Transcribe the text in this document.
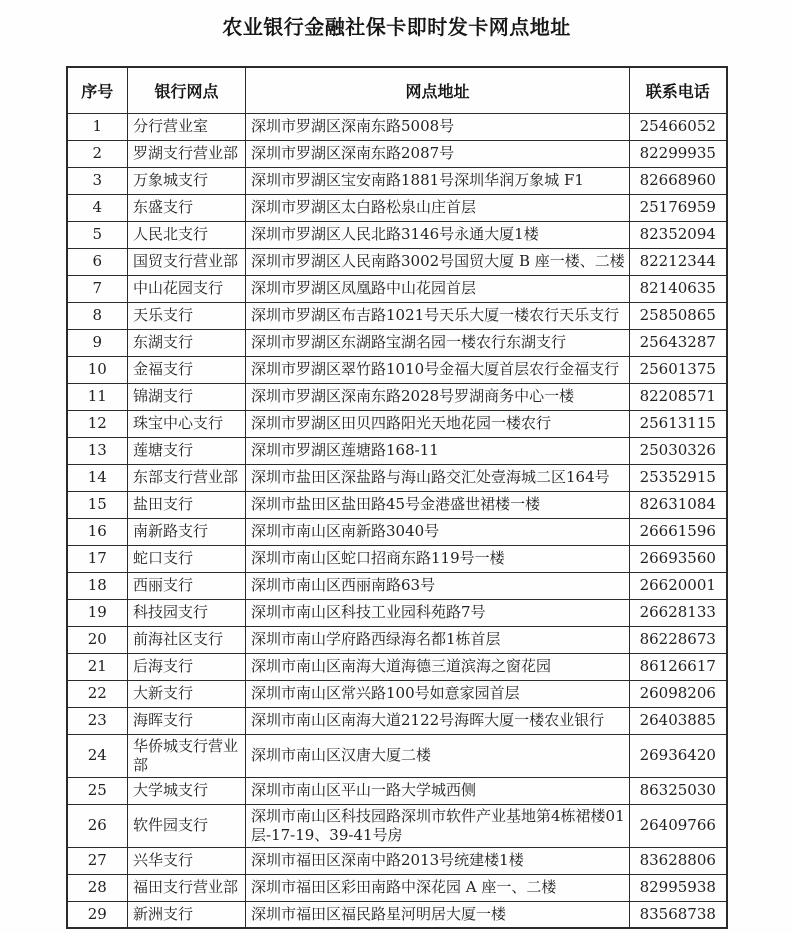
农业银行金融社保卡即时发卡网点地址
序号	银行网点	网点地址	联系电话
1	分行营业室	深圳市罗湖区深南东路5008号	25466052
2	罗湖支行营业部	深圳市罗湖区深南东路2087号	82299935
3	万象城支行	深圳市罗湖区宝安南路1881号深圳华润万象城 F1	82668960
4	东盛支行	深圳市罗湖区太白路松泉山庄首层	25176959
5	人民北支行	深圳市罗湖区人民北路3146号永通大厦1楼	82352094
6	国贸支行营业部	深圳市罗湖区人民南路3002号国贸大厦 B 座一楼、二楼	82212344
7	中山花园支行	深圳市罗湖区凤凰路中山花园首层	82140635
8	天乐支行	深圳市罗湖区布吉路1021号天乐大厦一楼农行天乐支行	25850865
9	东湖支行	深圳市罗湖区东湖路宝湖名园一楼农行东湖支行	25643287
10	金福支行	深圳市罗湖区翠竹路1010号金福大厦首层农行金福支行	25601375
11	锦湖支行	深圳市罗湖区深南东路2028号罗湖商务中心一楼	82208571
12	珠宝中心支行	深圳市罗湖区田贝四路阳光天地花园一楼农行	25613115
13	莲塘支行	深圳市罗湖区莲塘路168-11	25030326
14	东部支行营业部	深圳市盐田区深盐路与海山路交汇处壹海城二区164号	25352915
15	盐田支行	深圳市盐田区盐田路45号金港盛世裙楼一楼	82631084
16	南新路支行	深圳市南山区南新路3040号	26661596
17	蛇口支行	深圳市南山区蛇口招商东路119号一楼	26693560
18	西丽支行	深圳市南山区西丽南路63号	26620001
19	科技园支行	深圳市南山区科技工业园科苑路7号	26628133
20	前海社区支行	深圳市南山学府路西绿海名都1栋首层	86228673
21	后海支行	深圳市南山区南海大道海德三道滨海之窗花园	86126617
22	大新支行	深圳市南山区常兴路100号如意家园首层	26098206
23	海晖支行	深圳市南山区南海大道2122号海晖大厦一楼农业银行	26403885
24	华侨城支行营业部	深圳市南山区汉唐大厦二楼	26936420
25	大学城支行	深圳市南山区平山一路大学城西侧	86325030
26	软件园支行	深圳市南山区科技园路深圳市软件产业基地第4栋裙楼01层-17-19、39-41号房	26409766
27	兴华支行	深圳市福田区深南中路2013号统建楼1楼	83628806
28	福田支行营业部	深圳市福田区彩田南路中深花园 A 座一、二楼	82995938
29	新洲支行	深圳市福田区福民路星河明居大厦一楼	83568738
